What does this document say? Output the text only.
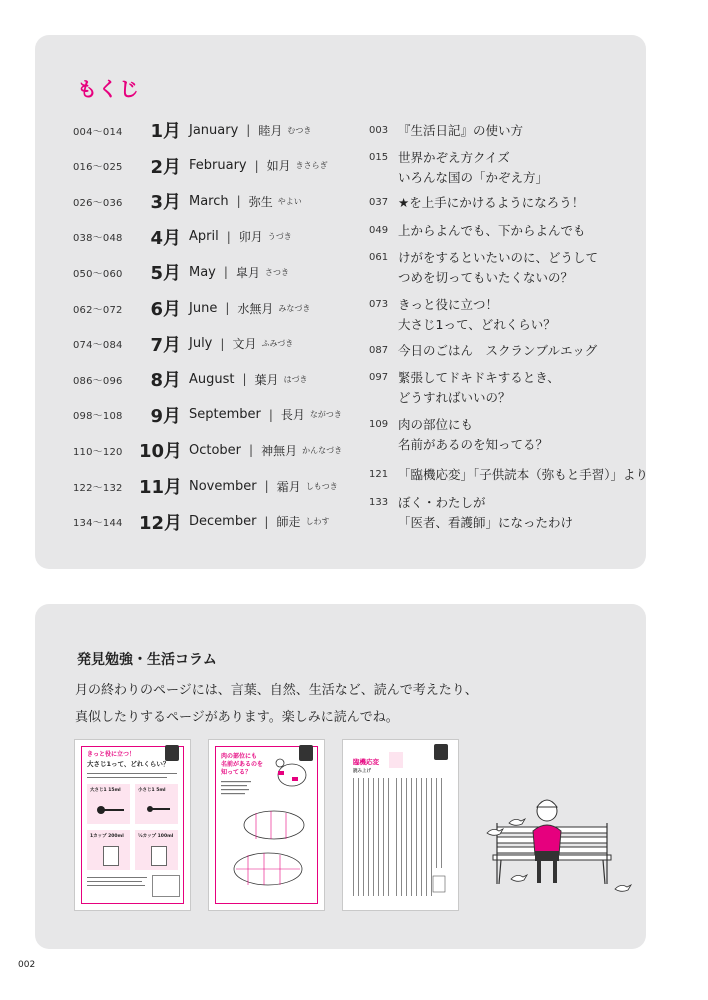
もくじ
004～014	1月 January | 睦月 むつき
016～025	2月 February | 如月 きさらぎ
026～036	3月 March | 弥生 やよい
038～048	4月 April | 卯月 うづき
050～060	5月 May | 皐月 さつき
062～072	6月 June | 水無月 みなづき
074～084	7月 July | 文月 ふみづき
086～096	8月 August | 葉月 はづき
098～108	9月 September | 長月 ながつき
110～120 10月 October | 神無月 かんなづき
122～132 11月 November | 霜月 しもつき
134～144 12月 December | 師走 しわす
003 『生活日記』の使い方
015 世界かぞえ方クイズ
いろんな国の「かぞえ方」
037 ★を上手にかけるようになろう！
049 上からよんでも、下からよんでも
061 けがをするといたいのに、どうして
つめを切ってもいたくないの？
073 きっと役に立つ！
大さじ1って、どれくらい？
087 今日のごはん　スクランブルエッグ
097 緊張してドキドキするとき、
どうすればいいの？
109 肉の部位にも
名前があるのを知ってる？
121 「臨機応変」「子供読本（弥もと手習）」より
133 ぼく・わたしが
「医者、看護師」になったわけ
発見勉強・生活コラム
月の終わりのページには、言葉、自然、生活など、読んで考えたり、
真似したりするページがあります。楽しみに読んでね。
きっと役に立つ！
大さじ1って、どれくらい？
大さじ1 15ml	小さじ1 5ml
1カップ 200ml	½カップ 100ml
肉の部位にも
名前があるのを
知ってる？
臨機応変
読み上げ
002
